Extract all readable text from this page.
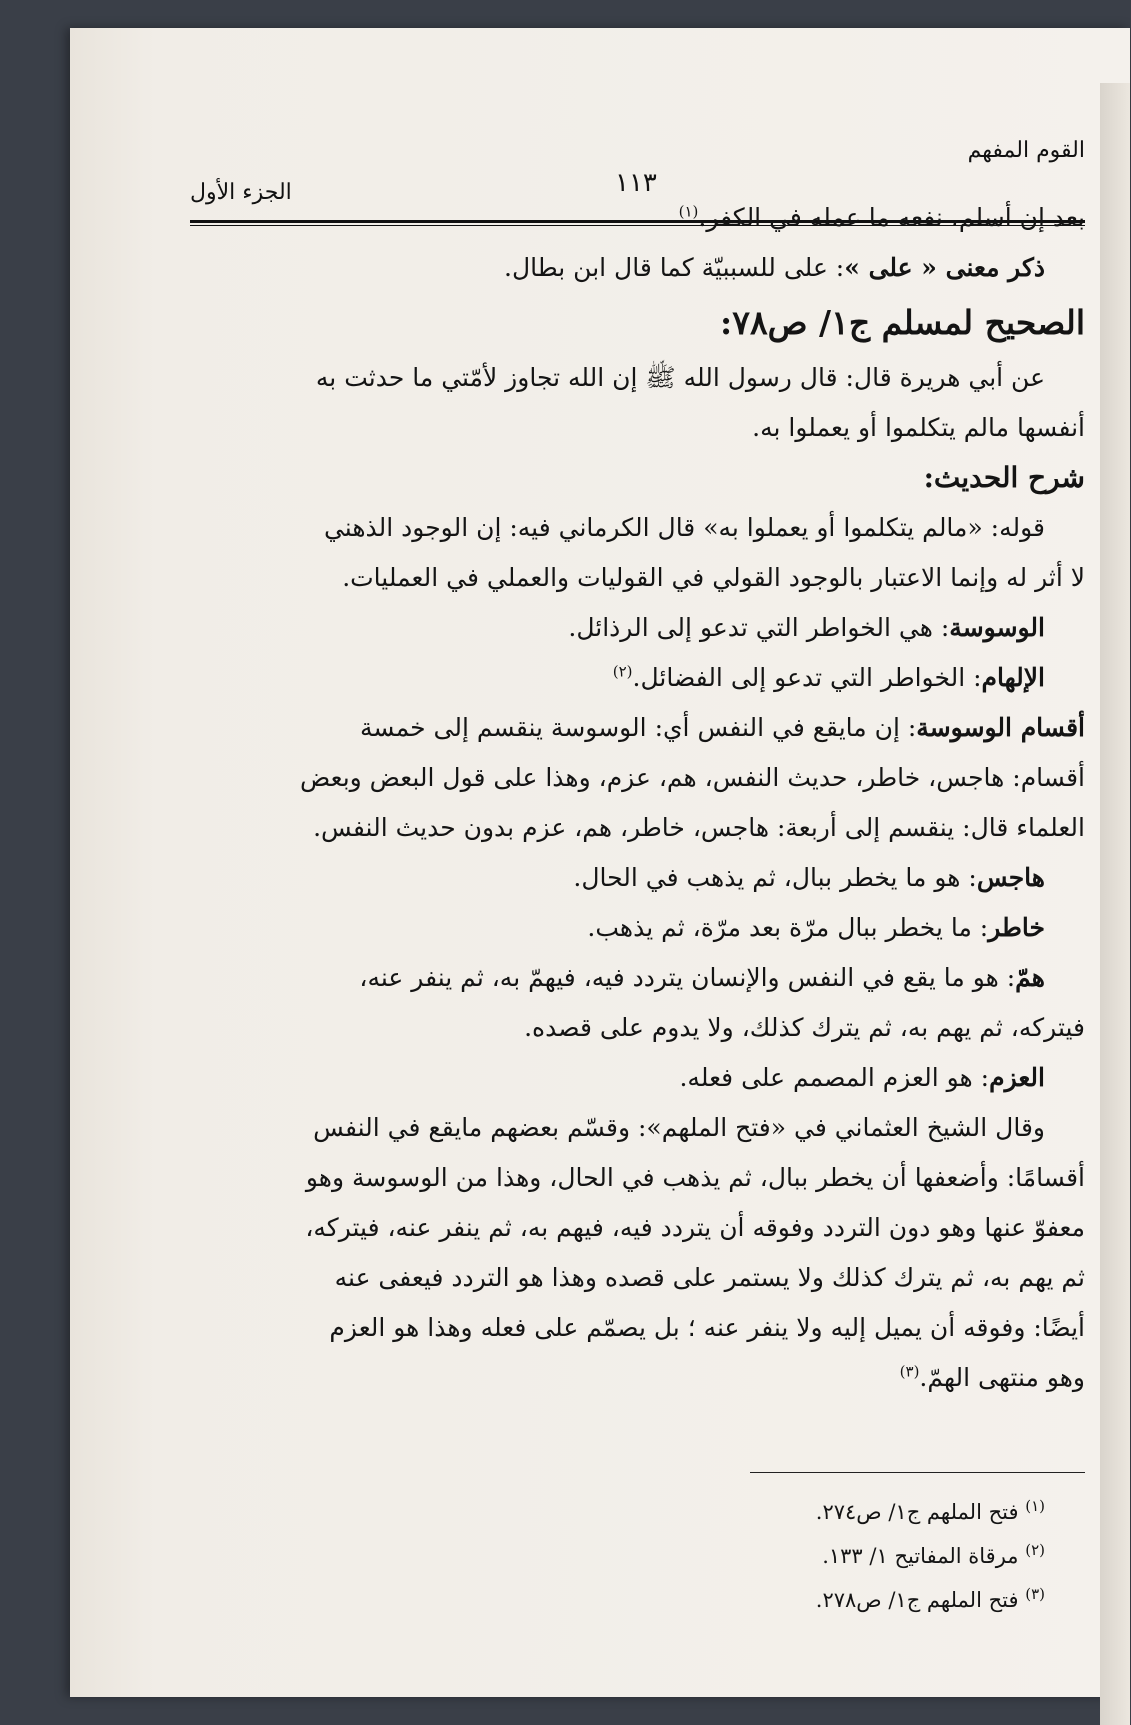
القوم المفهم
١١٣
الجزء الأول

بعد إن أسلم، نفعه ما عمله في الكفر.$^{(١)}$

ذكر معنى « على »: على للسببيّة كما قال ابن بطال.

الصحيح لمسلم ج١/ ص٧٨:

عن أبي هريرة قال: قال رسول الله ﷺ إن الله تجاوز لأمّتي ما حدثت به

أنفسها مالم يتكلموا أو يعملوا به.

شرح الحديث:

قوله: «مالم يتكلموا أو يعملوا به» قال الكرماني فيه: إن الوجود الذهني

لا أثر له وإنما الاعتبار بالوجود القولي في القوليات والعملي في العمليات.

الوسوسة: هي الخواطر التي تدعو إلى الرذائل.

الإلهام: الخواطر التي تدعو إلى الفضائل.$^{(٢)}$

أقسام الوسوسة: إن مايقع في النفس أي: الوسوسة ينقسم إلى خمسة

أقسام: هاجس، خاطر، حديث النفس، هم، عزم، وهذا على قول البعض وبعض

العلماء قال: ينقسم إلى أربعة: هاجس، خاطر، هم، عزم بدون حديث النفس.

هاجس: هو ما يخطر ببال، ثم يذهب في الحال.

خاطر: ما يخطر ببال مرّة بعد مرّة، ثم يذهب.

همّ: هو ما يقع في النفس والإنسان يتردد فيه، فيهمّ به، ثم ينفر عنه،

فيتركه، ثم يهم به، ثم يترك كذلك، ولا يدوم على قصده.

العزم: هو العزم المصمم على فعله.

وقال الشيخ العثماني في «فتح الملهم»: وقسّم بعضهم مايقع في النفس

أقسامًا: وأضعفها أن يخطر ببال، ثم يذهب في الحال، وهذا من الوسوسة وهو

معفوّ عنها وهو دون التردد وفوقه أن يتردد فيه، فيهم به، ثم ينفر عنه، فيتركه،

ثم يهم به، ثم يترك كذلك ولا يستمر على قصده وهذا هو التردد فيعفى عنه

أيضًا: وفوقه أن يميل إليه ولا ينفر عنه ؛ بل يصمّم على فعله وهذا هو العزم

وهو منتهى الهمّ.$^{(٣)}$

$^{(١)}$ فتح الملهم ج١/ ص٢٧٤.

$^{(٢)}$ مرقاة المفاتيح ١/ ١٣٣.

$^{(٣)}$ فتح الملهم ج١/ ص٢٧٨.
